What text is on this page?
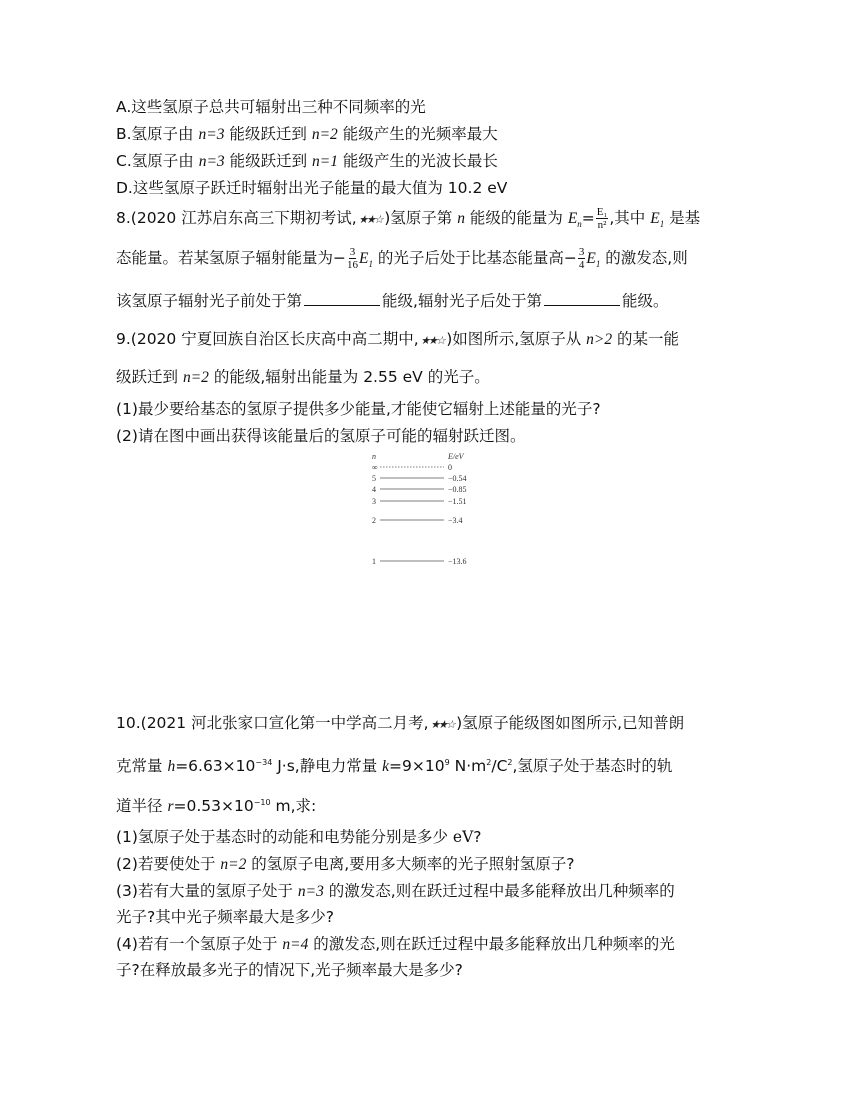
A.这些氢原子总共可辐射出三种不同频率的光
B.氢原子由 n=3 能级跃迁到 n=2 能级产生的光频率最大
C.氢原子由 n=3 能级跃迁到 n=1 能级产生的光波长最长
D.这些氢原子跃迁时辐射出光子能量的最大值为 10.2 eV
8.(2020 江苏启东高三下期初考试,★★☆)氢原子第 n 能级的能量为 $E_n= \frac{\text{E₁}}{\text{n²}}$ ,其中 $E_1$ 是基
态能量。若某氢原子辐射能量为− $\frac{3}{16} E_1$ 的光子后处于比基态能量高− $\frac{3}{4} E_1$ 的激发态,则
该氢原子辐射光子前处于第	能级,辐射光子后处于第	能级。
9.(2020 宁夏回族自治区长庆高中高二期中,★★☆)如图所示,氢原子从 n>2 的某一能
级跃迁到 n=2 的能级,辐射出能量为 2.55 eV 的光子。
(1)最少要给基态的氢原子提供多少能量,才能使它辐射上述能量的光子?
(2)请在图中画出获得该能量后的氢原子可能的辐射跃迁图。
n	E/eV
∞	0
5	−0.54
4	−0.85
3	−1.51
2	−3.4
1	−13.6
10.(2021 河北张家口宣化第一中学高二月考,★★☆)氢原子能级图如图所示,已知普朗
克常量 $h=6.63\times 10^{-34}$ J·s,静电力常量 $k=9\times 10^9$ $N\cdot m^2/C^2$,氢原子处于基态时的轨
道半径 $r=0.53\times 10^{-10}$ m,求:
(1)氢原子处于基态时的动能和电势能分别是多少 eV?
(2)若要使处于 n=2 的氢原子电离,要用多大频率的光子照射氢原子?
(3)若有大量的氢原子处于 n=3 的激发态,则在跃迁过程中最多能释放出几种频率的
光子?其中光子频率最大是多少?
(4)若有一个氢原子处于 n=4 的激发态,则在跃迁过程中最多能释放出几种频率的光
子?在释放最多光子的情况下,光子频率最大是多少?
